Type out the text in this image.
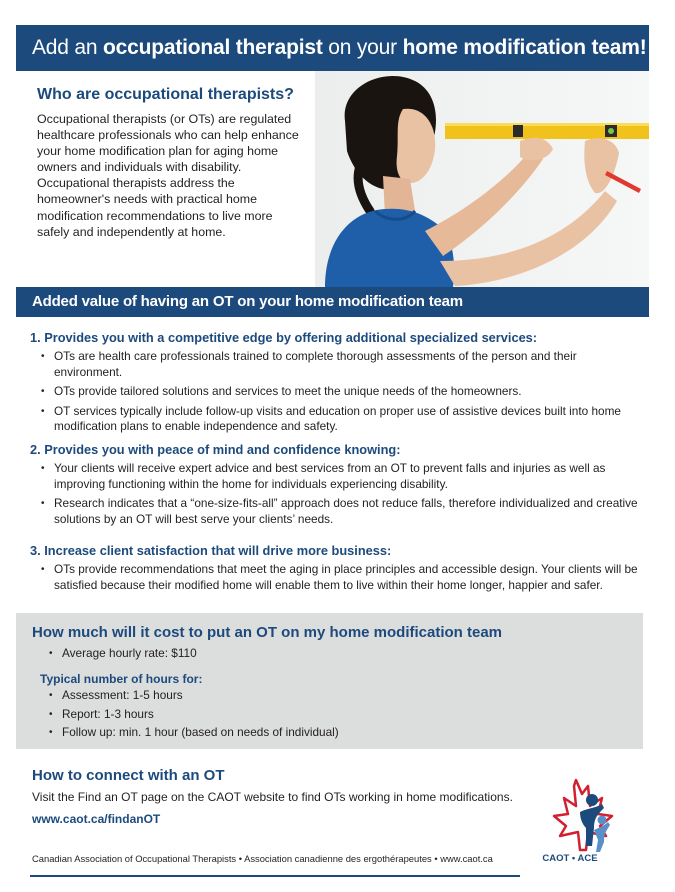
Add an occupational therapist on your home modification team!
Who are occupational therapists?
Occupational therapists (or OTs) are regulated healthcare professionals who can help enhance your home modification plan for aging home owners and individuals with disability. Occupational therapists address the homeowner's needs with practical home modification recommendations to live more safely and independently at home.
Added value of having an OT on your home modification team
1. Provides you with a competitive edge by offering additional specialized services:
• OTs are health care professionals trained to complete thorough assessments of the person and their environment.
• OTs provide tailored solutions and services to meet the unique needs of the homeowners.
• OT services typically include follow-up visits and education on proper use of assistive devices built into home modification plans to enable independence and safety.
2. Provides you with peace of mind and confidence knowing:
• Your clients will receive expert advice and best services from an OT to prevent falls and injuries as well as improving functioning within the home for individuals experiencing disability.
• Research indicates that a “one-size-fits-all” approach does not reduce falls, therefore individualized and creative solutions by an OT will best serve your clients’ needs.
3. Increase client satisfaction that will drive more business:
• OTs provide recommendations that meet the aging in place principles and accessible design. Your clients will be satisfied because their modified home will enable them to live within their home longer, happier and safer.
How much will it cost to put an OT on my home modification team
• Average hourly rate: $110
Typical number of hours for:
• Assessment: 1-5 hours
• Report: 1-3 hours
• Follow up: min. 1 hour (based on needs of individual)
How to connect with an OT
Visit the Find an OT page on the CAOT website to find OTs working in home modifications.
www.caot.ca/findanOT
CAOT • ACE
Canadian Association of Occupational Therapists • Association canadienne des ergothérapeutes • www.caot.ca
